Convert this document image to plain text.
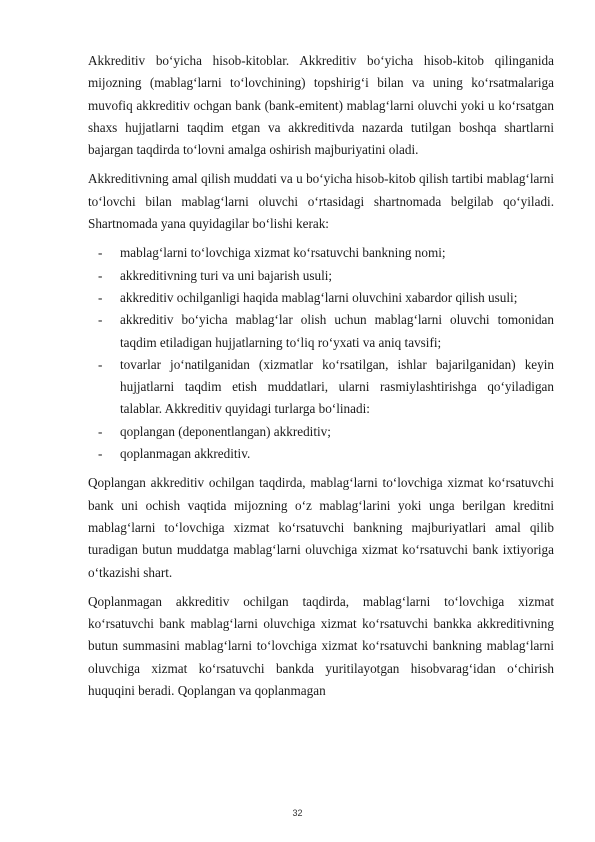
Akkreditiv bo‘yicha hisob-kitoblar. Akkreditiv bo‘yicha hisob-kitob qilinganida mijozning (mablag‘larni to‘lovchining) topshirig‘i bilan va uning ko‘rsatmalariga muvofiq akkreditiv ochgan bank (bank-emitent) mablag‘larni oluvchi yoki u ko‘rsatgan shaxs hujjatlarni taqdim etgan va akkreditivda nazarda tutilgan boshqa shartlarni bajargan taqdirda to‘lovni amalga oshirish majburiyatini oladi.

Akkreditivning amal qilish muddati va u bo‘yicha hisob-kitob qilish tartibi mablag‘larni to‘lovchi bilan mablag‘larni oluvchi o‘rtasidagi shartnomada belgilab qo‘yiladi. Shartnomada yana quyidagilar bo‘lishi kerak:

- mablag‘larni to‘lovchiga xizmat ko‘rsatuvchi bankning nomi;
- akkreditivning turi va uni bajarish usuli;
- akkreditiv ochilganligi haqida mablag‘larni oluvchini xabardor qilish usuli;
- akkreditiv bo‘yicha mablag‘lar olish uchun mablag‘larni oluvchi tomonidan taqdim etiladigan hujjatlarning to‘liq ro‘yxati va aniq tavsifi;
- tovarlar jo‘natilganidan (xizmatlar ko‘rsatilgan, ishlar bajarilganidan) keyin hujjatlarni taqdim etish muddatlari, ularni rasmiylashtirishga qo‘yiladigan talablar. Akkreditiv quyidagi turlarga bo‘linadi:
- qoplangan (deponentlangan) akkreditiv;
- qoplanmagan akkreditiv.

Qoplangan akkreditiv ochilgan taqdirda, mablag‘larni to‘lovchiga xizmat ko‘rsatuvchi bank uni ochish vaqtida mijozning o‘z mablag‘larini yoki unga berilgan kreditni mablag‘larni to‘lovchiga xizmat ko‘rsatuvchi bankning majburiyatlari amal qilib turadigan butun muddatga mablag‘larni oluvchiga xizmat ko‘rsatuvchi bank ixtiyoriga o‘tkazishi shart.

Qoplanmagan akkreditiv ochilgan taqdirda, mablag‘larni to‘lovchiga xizmat ko‘rsatuvchi bank mablag‘larni oluvchiga xizmat ko‘rsatuvchi bankka akkreditivning butun summasini mablag‘larni to‘lovchiga xizmat ko‘rsatuvchi bankning mablag‘larni oluvchiga xizmat ko‘rsatuvchi bankda yuritilayotgan hisobvarag‘idan o‘chirish huquqini beradi. Qoplangan va qoplanmagan

32
